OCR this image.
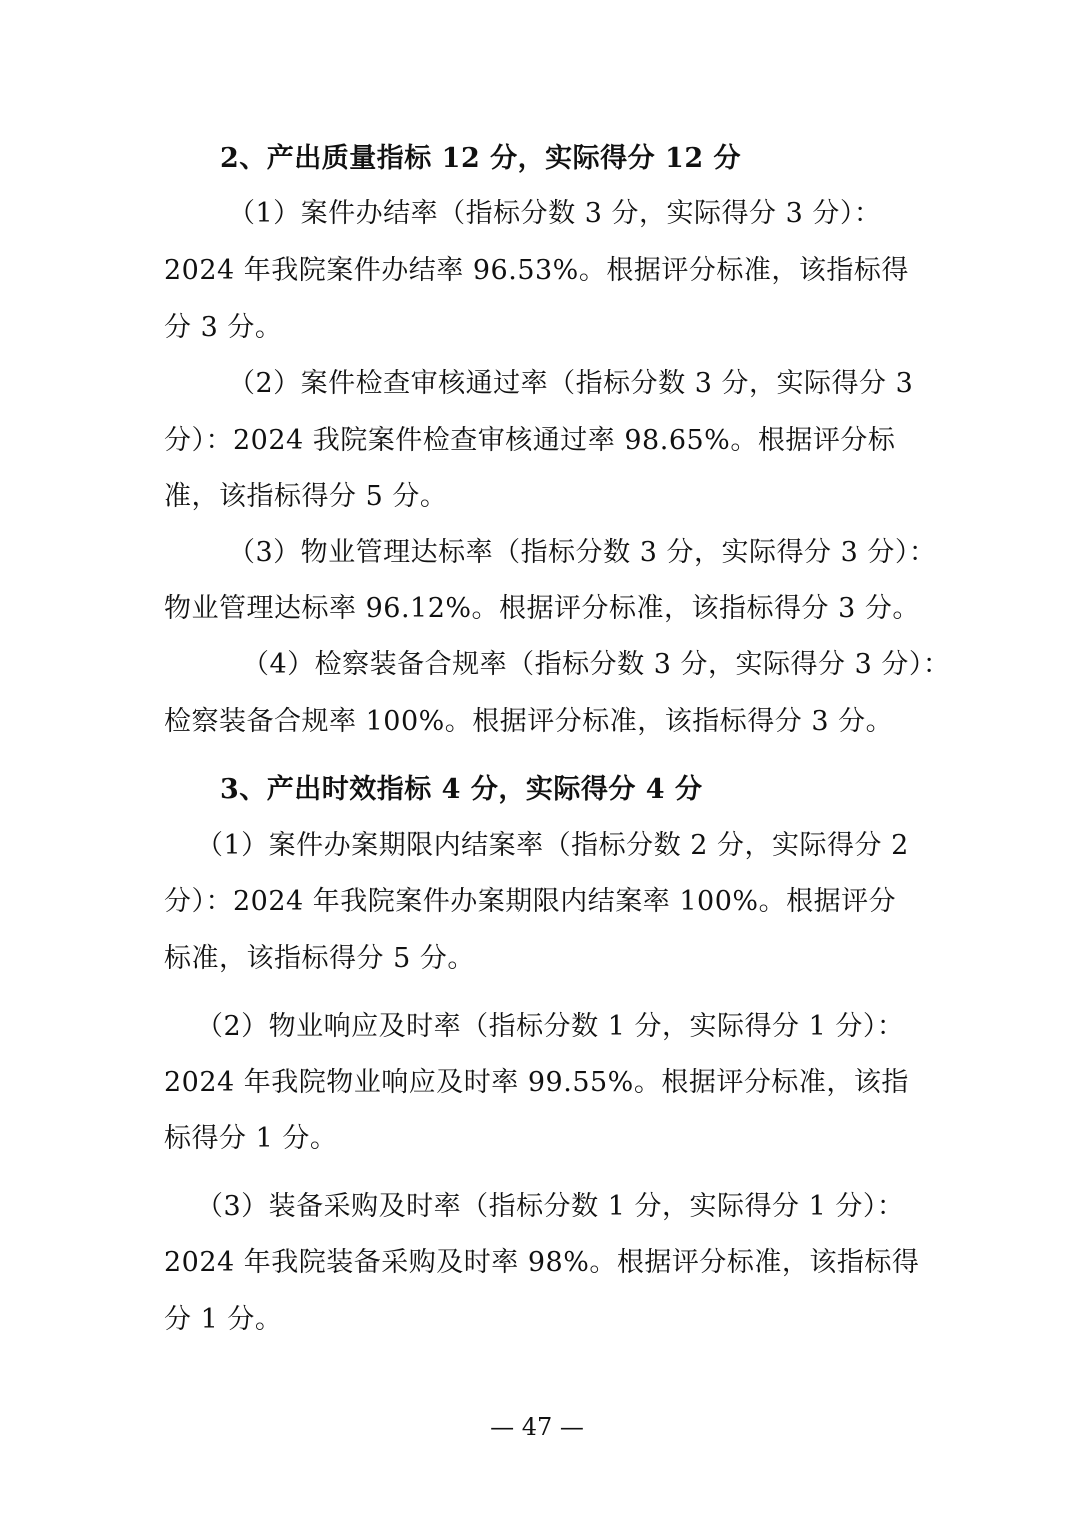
2、产出质量指标 12 分，实际得分 12 分
（1）案件办结率（指标分数 3 分，实际得分 3 分）：
2024 年我院案件办结率 96.53%。根据评分标准，该指标得
分 3 分。
（2）案件检查审核通过率（指标分数 3 分，实际得分 3
分）：2024 我院案件检查审核通过率 98.65%。根据评分标
准，该指标得分 5 分。
（3）物业管理达标率（指标分数 3 分，实际得分 3 分）：
物业管理达标率 96.12%。根据评分标准，该指标得分 3 分。
（4）检察装备合规率（指标分数 3 分，实际得分 3 分）：
检察装备合规率 100%。根据评分标准，该指标得分 3 分。
3、产出时效指标 4 分，实际得分 4 分
（1）案件办案期限内结案率（指标分数 2 分，实际得分 2
分）：2024 年我院案件办案期限内结案率 100%。根据评分
标准，该指标得分 5 分。
（2）物业响应及时率（指标分数 1 分，实际得分 1 分）：
2024 年我院物业响应及时率 99.55%。根据评分标准，该指
标得分 1 分。
（3）装备采购及时率（指标分数 1 分，实际得分 1 分）：
2024 年我院装备采购及时率 98%。根据评分标准，该指标得
分 1 分。
— 47 —
